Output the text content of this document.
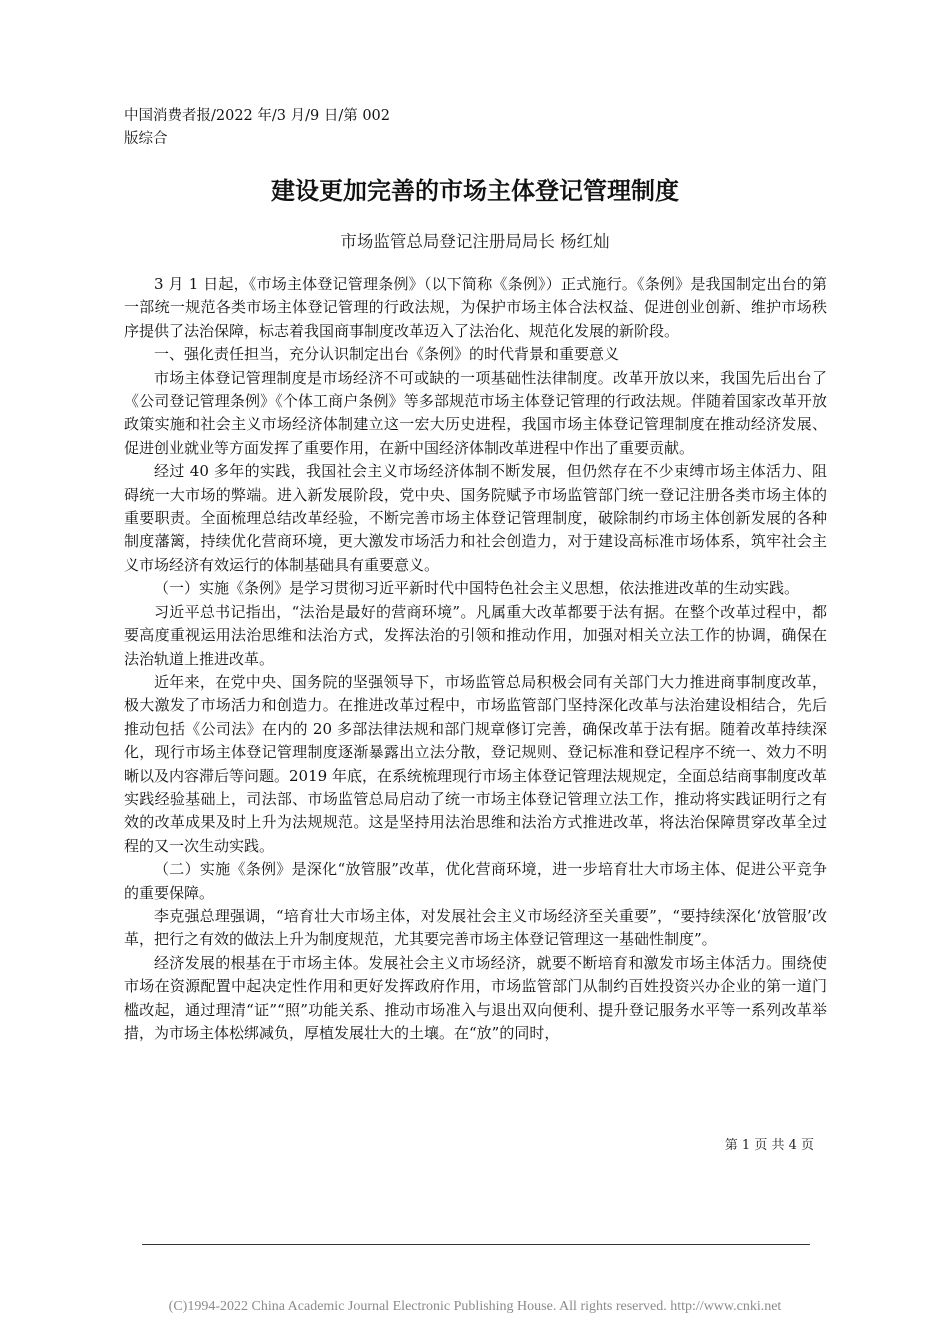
中国消费者报/2022 年/3 月/9 日/第 002
版综合
建设更加完善的市场主体登记管理制度
市场监管总局登记注册局局长 杨红灿

3 月 1 日起，《市场主体登记管理条例》（以下简称《条例》）正式施行。《条例》是我国制定出台的第一部统一规范各类市场主体登记管理的行政法规，为保护市场主体合法权益、促进创业创新、维护市场秩序提供了法治保障，标志着我国商事制度改革迈入了法治化、规范化发展的新阶段。

一、强化责任担当，充分认识制定出台《条例》的时代背景和重要意义

市场主体登记管理制度是市场经济不可或缺的一项基础性法律制度。改革开放以来，我国先后出台了《公司登记管理条例》《个体工商户条例》等多部规范市场主体登记管理的行政法规。伴随着国家改革开放政策实施和社会主义市场经济体制建立这一宏大历史进程，我国市场主体登记管理制度在推动经济发展、促进创业就业等方面发挥了重要作用，在新中国经济体制改革进程中作出了重要贡献。

经过 40 多年的实践，我国社会主义市场经济体制不断发展，但仍然存在不少束缚市场主体活力、阻碍统一大市场的弊端。进入新发展阶段，党中央、国务院赋予市场监管部门统一登记注册各类市场主体的重要职责。全面梳理总结改革经验，不断完善市场主体登记管理制度，破除制约市场主体创新发展的各种制度藩篱，持续优化营商环境，更大激发市场活力和社会创造力，对于建设高标准市场体系，筑牢社会主义市场经济有效运行的体制基础具有重要意义。

（一）实施《条例》是学习贯彻习近平新时代中国特色社会主义思想，依法推进改革的生动实践。

习近平总书记指出，“法治是最好的营商环境”。凡属重大改革都要于法有据。在整个改革过程中，都要高度重视运用法治思维和法治方式，发挥法治的引领和推动作用，加强对相关立法工作的协调，确保在法治轨道上推进改革。

近年来，在党中央、国务院的坚强领导下，市场监管总局积极会同有关部门大力推进商事制度改革，极大激发了市场活力和创造力。在推进改革过程中，市场监管部门坚持深化改革与法治建设相结合，先后推动包括《公司法》在内的 20 多部法律法规和部门规章修订完善，确保改革于法有据。随着改革持续深化，现行市场主体登记管理制度逐渐暴露出立法分散，登记规则、登记标准和登记程序不统一、效力不明晰以及内容滞后等问题。2019 年底，在系统梳理现行市场主体登记管理法规规定，全面总结商事制度改革实践经验基础上，司法部、市场监管总局启动了统一市场主体登记管理立法工作，推动将实践证明行之有效的改革成果及时上升为法规规范。这是坚持用法治思维和法治方式推进改革，将法治保障贯穿改革全过程的又一次生动实践。

（二）实施《条例》是深化“放管服”改革，优化营商环境，进一步培育壮大市场主体、促进公平竞争的重要保障。

李克强总理强调，“培育壮大市场主体，对发展社会主义市场经济至关重要”，“要持续深化‘放管服’改革，把行之有效的做法上升为制度规范，尤其要完善市场主体登记管理这一基础性制度”。

经济发展的根基在于市场主体。发展社会主义市场经济，就要不断培育和激发市场主体活力。围绕使市场在资源配置中起决定性作用和更好发挥政府作用，市场监管部门从制约百姓投资兴办企业的第一道门槛改起，通过理清“证”“照”功能关系、推动市场准入与退出双向便利、提升登记服务水平等一系列改革举措，为市场主体松绑减负，厚植发展壮大的土壤。在“放”的同时，

第 1 页 共 4 页
(C)1994-2022 China Academic Journal Electronic Publishing House. All rights reserved. http://www.cnki.net
